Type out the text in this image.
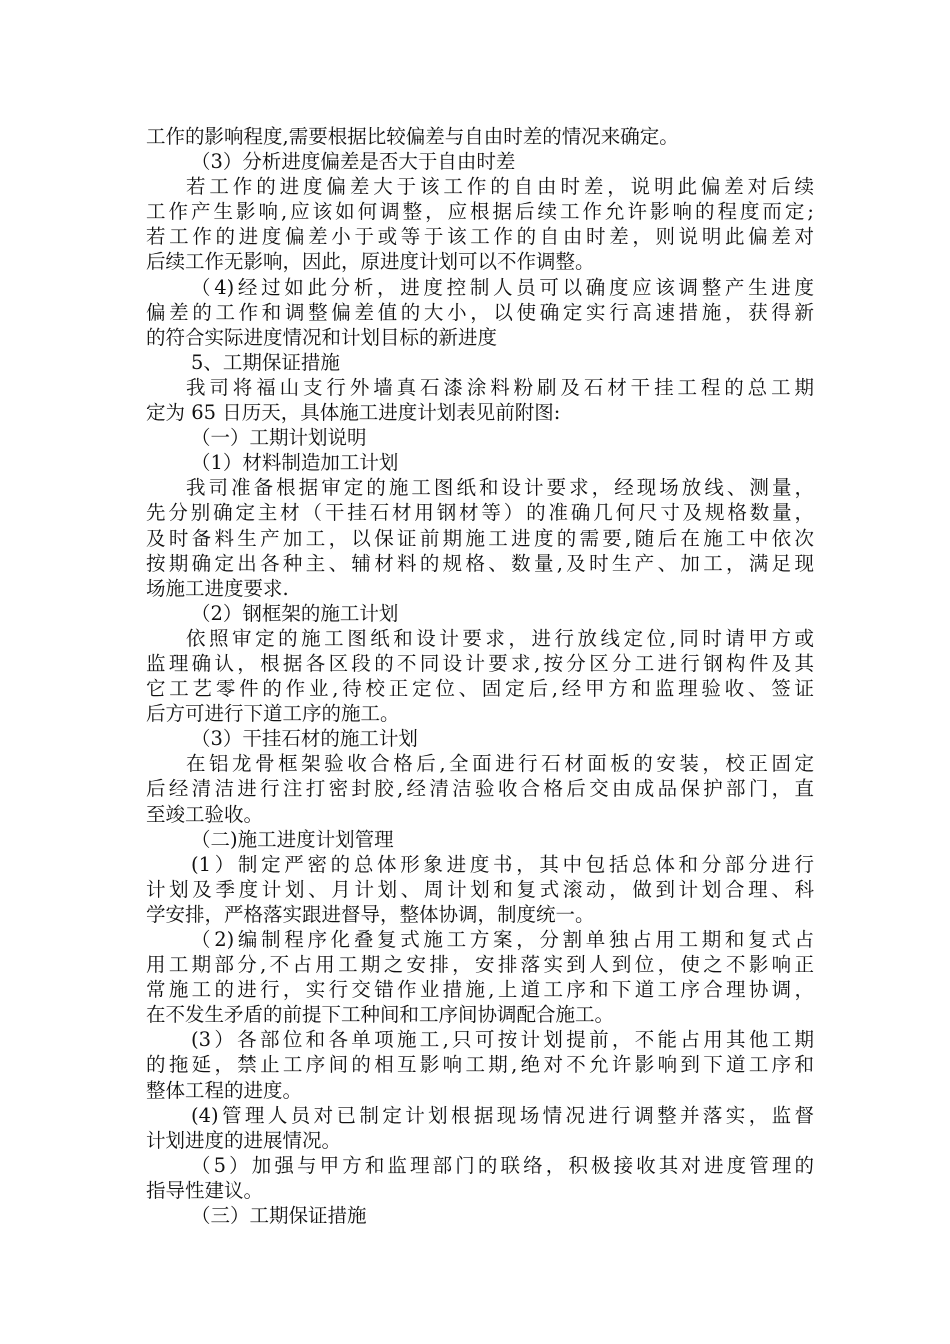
工作的影响程度,需要根据比较偏差与自由时差的情况来确定。
（3）分析进度偏差是否大于自由时差
若工作的进度偏差大于该工作的自由时差，说明此偏差对后续
工作产生影响,应该如何调整，应根据后续工作允许影响的程度而定;
若工作的进度偏差小于或等于该工作的自由时差，则说明此偏差对
后续工作无影响，因此，原进度计划可以不作调整。
（4)经过如此分析，进度控制人员可以确度应该调整产生进度
偏差的工作和调整偏差值的大小，以使确定实行高速措施，获得新
的符合实际进度情况和计划目标的新进度
5、工期保证措施
我司将福山支行外墙真石漆涂料粉刷及石材干挂工程的总工期
定为 65 日历天，具体施工进度计划表见前附图:
（一）工期计划说明
（1）材料制造加工计划
我司准备根据审定的施工图纸和设计要求，经现场放线、测量，
先分别确定主材（干挂石材用钢材等）的准确几何尺寸及规格数量，
及时备料生产加工，以保证前期施工进度的需要,随后在施工中依次
按期确定出各种主、辅材料的规格、数量,及时生产、加工，满足现
场施工进度要求.
（2）钢框架的施工计划
依照审定的施工图纸和设计要求，进行放线定位,同时请甲方或
监理确认，根据各区段的不同设计要求,按分区分工进行钢构件及其
它工艺零件的作业,待校正定位、固定后,经甲方和监理验收、签证
后方可进行下道工序的施工。
（3）干挂石材的施工计划
在铝龙骨框架验收合格后,全面进行石材面板的安装，校正固定
后经清洁进行注打密封胶,经清洁验收合格后交由成品保护部门，直
至竣工验收。
（二)施工进度计划管理
(1）制定严密的总体形象进度书，其中包括总体和分部分进行
计划及季度计划、月计划、周计划和复式滚动，做到计划合理、科
学安排，严格落实跟进督导，整体协调，制度统一。
（2)编制程序化叠复式施工方案，分割单独占用工期和复式占
用工期部分,不占用工期之安排，安排落实到人到位，使之不影响正
常施工的进行，实行交错作业措施,上道工序和下道工序合理协调，
在不发生矛盾的前提下工种间和工序间协调配合施工。
(3）各部位和各单项施工,只可按计划提前，不能占用其他工期
的拖延，禁止工序间的相互影响工期,绝对不允许影响到下道工序和
整体工程的进度。
(4)管理人员对已制定计划根据现场情况进行调整并落实，监督
计划进度的进展情况。
（5）加强与甲方和监理部门的联络，积极接收其对进度管理的
指导性建议。
（三）工期保证措施
